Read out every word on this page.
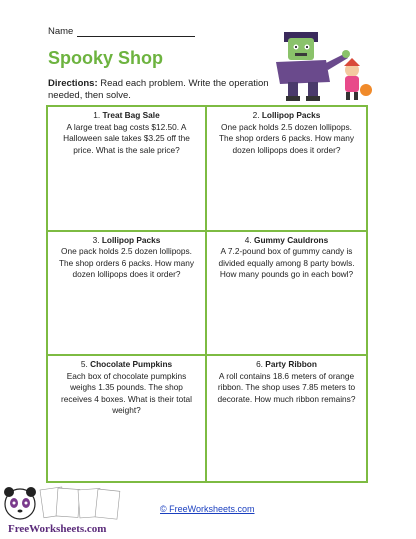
Name
Spooky Shop
Directions: Read each problem. Write the operation needed, then solve.
1. Treat Bag Sale
A large treat bag costs $12.50. A Halloween sale takes $3.25 off the price. What is the sale price?
2. Lollipop Packs
One pack holds 2.5 dozen lollipops. The shop orders 6 packs. How many dozen lollipops does it order?
3. Lollipop Packs
One pack holds 2.5 dozen lollipops. The shop orders 6 packs. How many dozen lollipops does it order?
4. Gummy Cauldrons
A 7.2-pound box of gummy candy is divided equally among 8 party bowls. How many pounds go in each bowl?
5. Chocolate Pumpkins
Each box of chocolate pumpkins weighs 1.35 pounds. The shop receives 4 boxes. What is their total weight?
6. Party Ribbon
A roll contains 18.6 meters of orange ribbon. The shop uses 7.85 meters to decorate. How much ribbon remains?
FreeWorksheets.com
© FreeWorksheets.com
